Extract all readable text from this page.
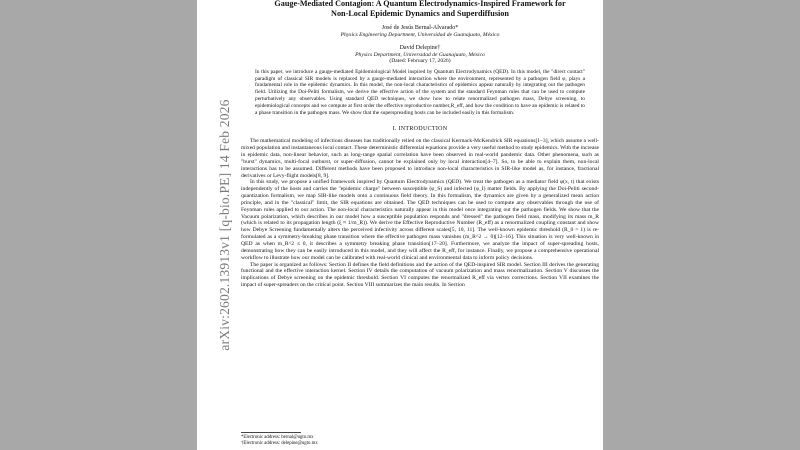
Gauge-Mediated Contagion: A Quantum Electrodynamics-Inspired Framework for
Non-Local Epidemic Dynamics and Superdiffusion
José de Jesús Bernal-Alvarado*
Physics Engineering Department, Universidad de Guanajuato, México
David Delepine†
Physics Department, Universidad de Guanajuato, México
(Dated: February 17, 2026)
In this paper, we introduce a gauge-mediated Epidemiological Model inspired by Quantum Electrodynamics (QED). In this model, the "direct contact" paradigm of classical SIR models is replaced by a gauge-mediated interaction where the environment, represented by a pathogen field φ, plays a fundamental role in the epidemic dynamics. In this model, the non-local characteristics of epidemics appear naturally by integrating out the pathogen field. Utilizing the Doi-Peliti formalism, we derive the effective action of the system and the standard Feynman rules that can be used to compute perturbatively any observables. Using standard QED techniques, we show how to relate renormalized pathogen mass, Debye screening, to epidemiological concepts and we compute at first order the effective reproductive number,R_eff, and how the condition to have an epidemic is related to a phase transition in the pathogen mass. We show that the superspreading hosts can be included easily in this formalism.
I. INTRODUCTION

The mathematical modeling of infectious diseases has traditionally relied on the classical Kermack-McKendrick SIR equations[1–3], which assume a well-mixed population and instantaneous local contact. These deterministic differential equations provide a very useful method to study epidemics. With the increase in epidemic data, non-linear behavior, such as long-range spatial correlation have been observed in real-world pandemic data. Other phenomena, such as "burst" dynamics, multi-focal outburst, or super-diffusion, cannot be explained only by local interaction[4–7]. So, to be able to explain them, non-local interactions has to be assumed. Different methods have been proposed to introduce non-local characteristics in SIR-like model as, for instance, fractional derivatives or Levy-flight models[8, 9].

In this study, we propose a unified framework inspired by Quantum Electrodynamics (QED). We treat the pathogen as a mediator field φ(x, t) that exists independently of the hosts and carries the "epidemic charge" between susceptible (φ_S) and infected (φ_I) matter fields. By applying the Doi-Peliti second-quantization formalism, we map SIR-like models onto a continuous field theory. In this formalism, the dynamics are given by a generalized mean action principle, and in the "classical" limit, the SIR equations are obtained. The QED techniques can be used to compute any observables through the use of Feynman rules applied to our action. The non-local characteristics naturally appear in this model once integrating out the pathogen fields. We show that the Vacuum polarization, which describes in our model how a susceptible population responds and "dressed" the pathogen field mass, modifying its mass m_R (which is related to its propagation length (ξ ≈ 1/m_R)). We derive the Effective Reproductive Number (R_eff) as a renormalized coupling constant and show how Debye Screening fundamentally alters the perceived infectivity across different scales[5, 10, 11]. The well-known epidemic threshold (R_0 = 1) is re-formulated as a symmetry-breaking phase transition where the effective pathogen mass vanishes (m_R^2 → 0)[12–16]. This situation is very well-known in QED as when m_R^2 ≤ 0, it describes a symmetry breaking phase transition[17–20]. Furthermore, we analyze the impact of super-spreading hosts, demonstrating how they can be easily introduced in this model, and they will affect the R_eff, for instance. Finally, we propose a comprehensive operational workflow to illustrate how our model can be calibrated with real-world clinical and environmental data to inform policy decisions.

The paper is organized as follows: Section II defines the field definitions and the action of the QED-inspired SIR model. Section III derives the generating functional and the effective interaction kernel. Section IV details the computation of vacuum polarization and mass renormalization. Section V discusses the implications of Debye screening on the epidemic threshold. Section VI computes the renormalized R_eff via vertex corrections. Section VII examines the impact of super-spreaders on the critical point. Section VIII summarizes the main results. In Section

*Electronic address: bernal@ugto.mx
†Electronic address: delepine@ugto.mx
arXiv:2602.13913v1 [q-bio.PE] 14 Feb 2026
